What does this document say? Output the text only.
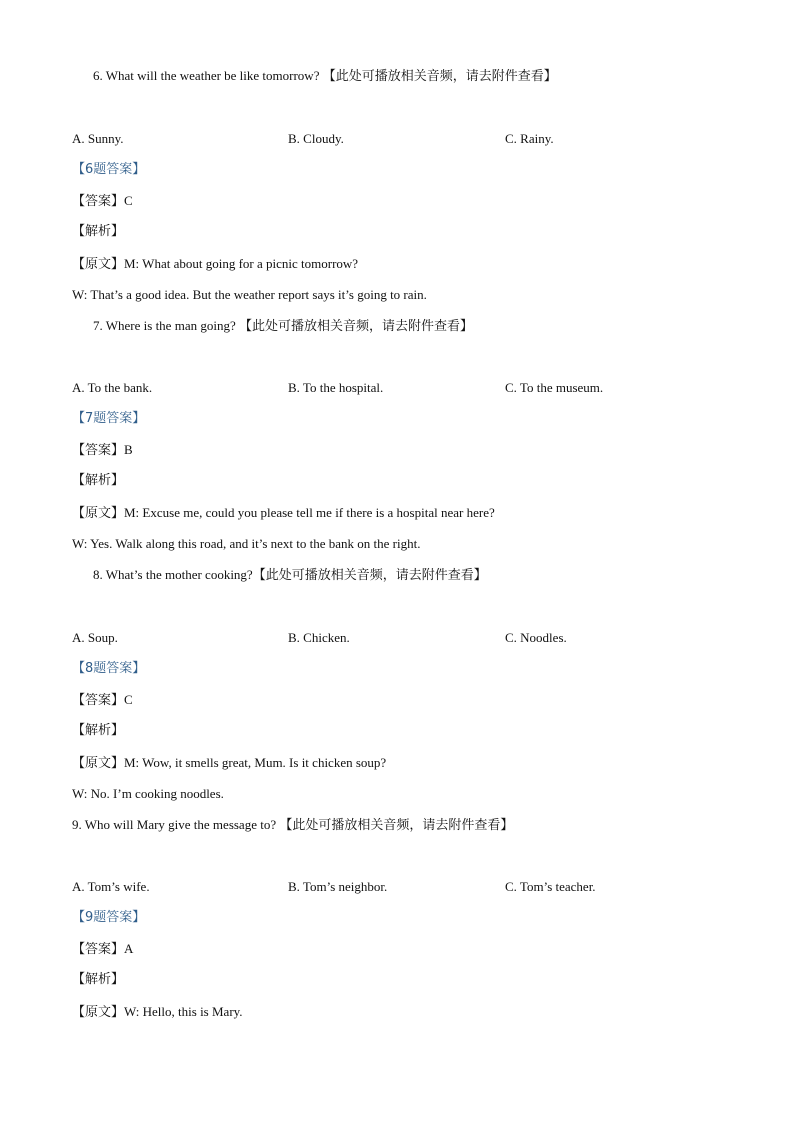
6. What will the weather be like tomorrow? 【此处可播放相关音频，请去附件查看】
A. Sunny.	B. Cloudy.	C. Rainy.
【6题答案】
【答案】C
【解析】
【原文】M: What about going for a picnic tomorrow?
W: That’s a good idea. But the weather report says it’s going to rain.
7. Where is the man going? 【此处可播放相关音频，请去附件查看】
A. To the bank.	B. To the hospital.	C. To the museum.
【7题答案】
【答案】B
【解析】
【原文】M: Excuse me, could you please tell me if there is a hospital near here?
W: Yes. Walk along this road, and it’s next to the bank on the right.
8. What’s the mother cooking?【此处可播放相关音频，请去附件查看】
A. Soup.	B. Chicken.	C. Noodles.
【8题答案】
【答案】C
【解析】
【原文】M: Wow, it smells great, Mum. Is it chicken soup?
W: No. I’m cooking noodles.
9. Who will Mary give the message to? 【此处可播放相关音频，请去附件查看】
A. Tom’s wife.	B. Tom’s neighbor.	C. Tom’s teacher.
【9题答案】
【答案】A
【解析】
【原文】W: Hello, this is Mary.
